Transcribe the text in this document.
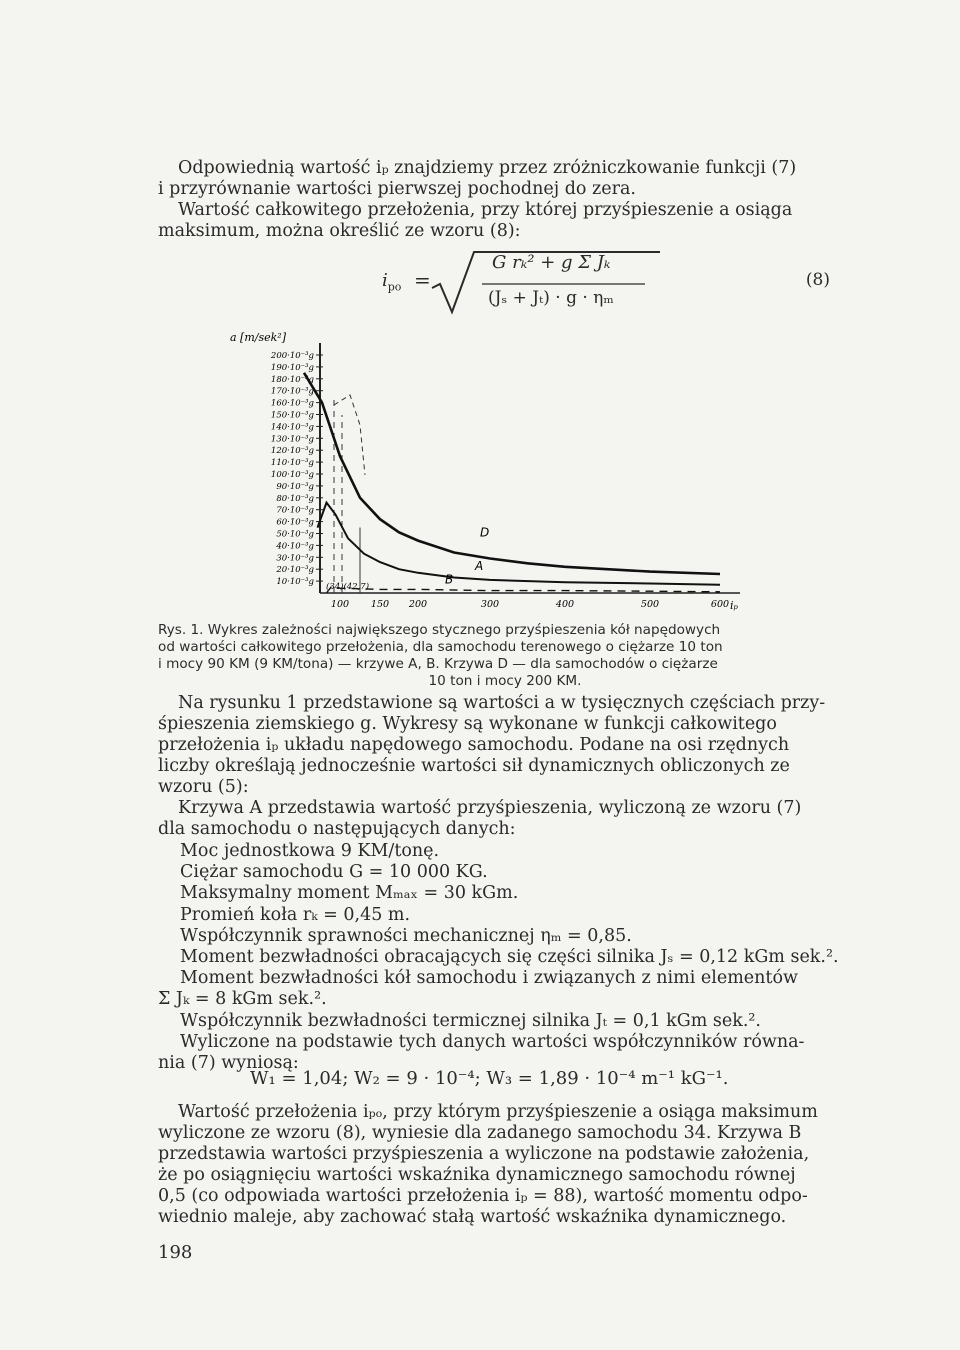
Odpowiednią wartość iₚ znajdziemy przez zróżniczkowanie funkcji (7)
i przyrównanie wartości pierwszej pochodnej do zera.
Wartość całkowitego przełożenia, przy której przyśpieszenie a osiąga
maksimum, można określić ze wzoru (8):
$i_{po}$ =
G rₖ² + g Σ Jₖ
(Jₛ + Jₜ) · g · ηₘ
(8)
a [m/sek²]
10·10⁻³g
20·10⁻³g
30·10⁻³g
40·10⁻³g
50·10⁻³g
60·10⁻³g
70·10⁻³g
80·10⁻³g
90·10⁻³g
100·10⁻³g
110·10⁻³g
120·10⁻³g
130·10⁻³g
140·10⁻³g
150·10⁻³g
160·10⁻³g
170·10⁻³g
180·10⁻³g
190·10⁻³g
200·10⁻³g
100 150 200	300	400	500	600 iₚ
(34)(42,7)
D
A
B
Rys. 1. Wykres zależności największego stycznego przyśpieszenia kół napędowych
od wartości całkowitego przełożenia, dla samochodu terenowego o ciężarze 10 ton
i mocy 90 KM (9 KM/tona) — krzywe A, B. Krzywa D — dla samochodów o ciężarze
10 ton i mocy 200 KM.
Na rysunku 1 przedstawione są wartości a w tysięcznych częściach przy-
śpieszenia ziemskiego g. Wykresy są wykonane w funkcji całkowitego
przełożenia iₚ układu napędowego samochodu. Podane na osi rzędnych
liczby określają jednocześnie wartości sił dynamicznych obliczonych ze
wzoru (5):
Krzywa A przedstawia wartość przyśpieszenia, wyliczoną ze wzoru (7)
dla samochodu o następujących danych:
Moc jednostkowa 9 KM/tonę.
Ciężar samochodu G = 10 000 KG.
Maksymalny moment Mₘₐₓ = 30 kGm.
Promień koła rₖ = 0,45 m.
Współczynnik sprawności mechanicznej ηₘ = 0,85.
Moment bezwładności obracających się części silnika Jₛ = 0,12 kGm sek.².
Moment bezwładności kół samochodu i związanych z nimi elementów
Σ Jₖ = 8 kGm sek.².
Współczynnik bezwładności termicznej silnika Jₜ = 0,1 kGm sek.².
Wyliczone na podstawie tych danych wartości współczynników równa-
nia (7) wyniosą:
W₁ = 1,04; W₂ = 9 · 10⁻⁴; W₃ = 1,89 · 10⁻⁴ m⁻¹ kG⁻¹.
Wartość przełożenia iₚₒ, przy którym przyśpieszenie a osiąga maksimum
wyliczone ze wzoru (8), wyniesie dla zadanego samochodu 34. Krzywa B
przedstawia wartości przyśpieszenia a wyliczone na podstawie założenia,
że po osiągnięciu wartości wskaźnika dynamicznego samochodu równej
0,5 (co odpowiada wartości przełożenia iₚ = 88), wartość momentu odpo-
wiednio maleje, aby zachować stałą wartość wskaźnika dynamicznego.
198
